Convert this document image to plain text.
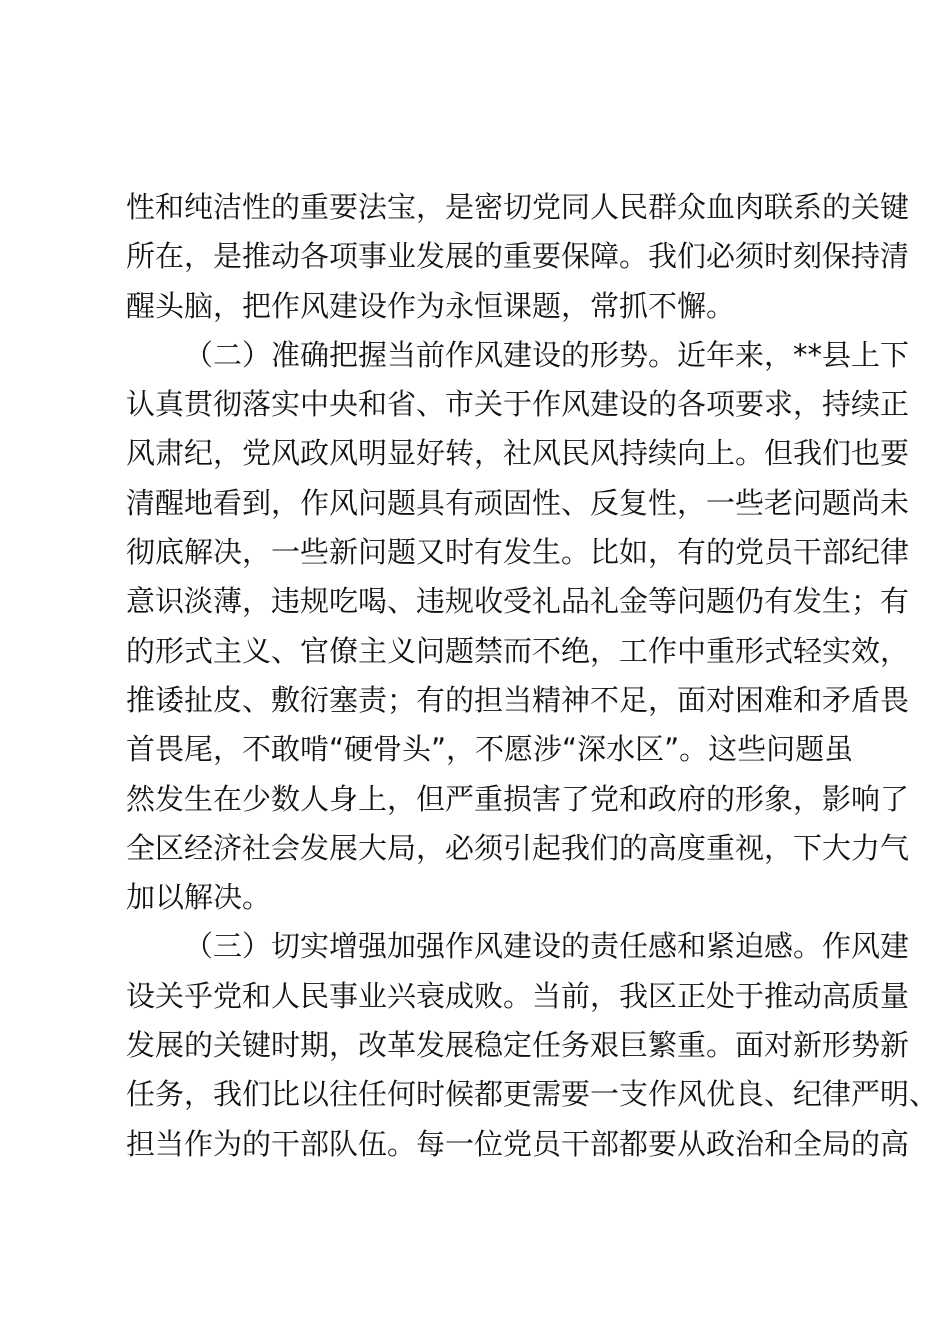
性和纯洁性的重要法宝，是密切党同人民群众血肉联系的关键
所在，是推动各项事业发展的重要保障。我们必须时刻保持清
醒头脑，把作风建设作为永恒课题，常抓不懈。
（二）准确把握当前作风建设的形势。近年来，**县上下
认真贯彻落实中央和省、市关于作风建设的各项要求，持续正
风肃纪，党风政风明显好转，社风民风持续向上。但我们也要
清醒地看到，作风问题具有顽固性、反复性，一些老问题尚未
彻底解决，一些新问题又时有发生。比如，有的党员干部纪律
意识淡薄，违规吃喝、违规收受礼品礼金等问题仍有发生；有
的形式主义、官僚主义问题禁而不绝，工作中重形式轻实效，
推诿扯皮、敷衍塞责；有的担当精神不足，面对困难和矛盾畏
首畏尾，不敢啃“硬骨头”，不愿涉“深水区”。这些问题虽
然发生在少数人身上，但严重损害了党和政府的形象，影响了
全区经济社会发展大局，必须引起我们的高度重视，下大力气
加以解决。
（三）切实增强加强作风建设的责任感和紧迫感。作风建
设关乎党和人民事业兴衰成败。当前，我区正处于推动高质量
发展的关键时期，改革发展稳定任务艰巨繁重。面对新形势新
任务，我们比以往任何时候都更需要一支作风优良、纪律严明、
担当作为的干部队伍。每一位党员干部都要从政治和全局的高
